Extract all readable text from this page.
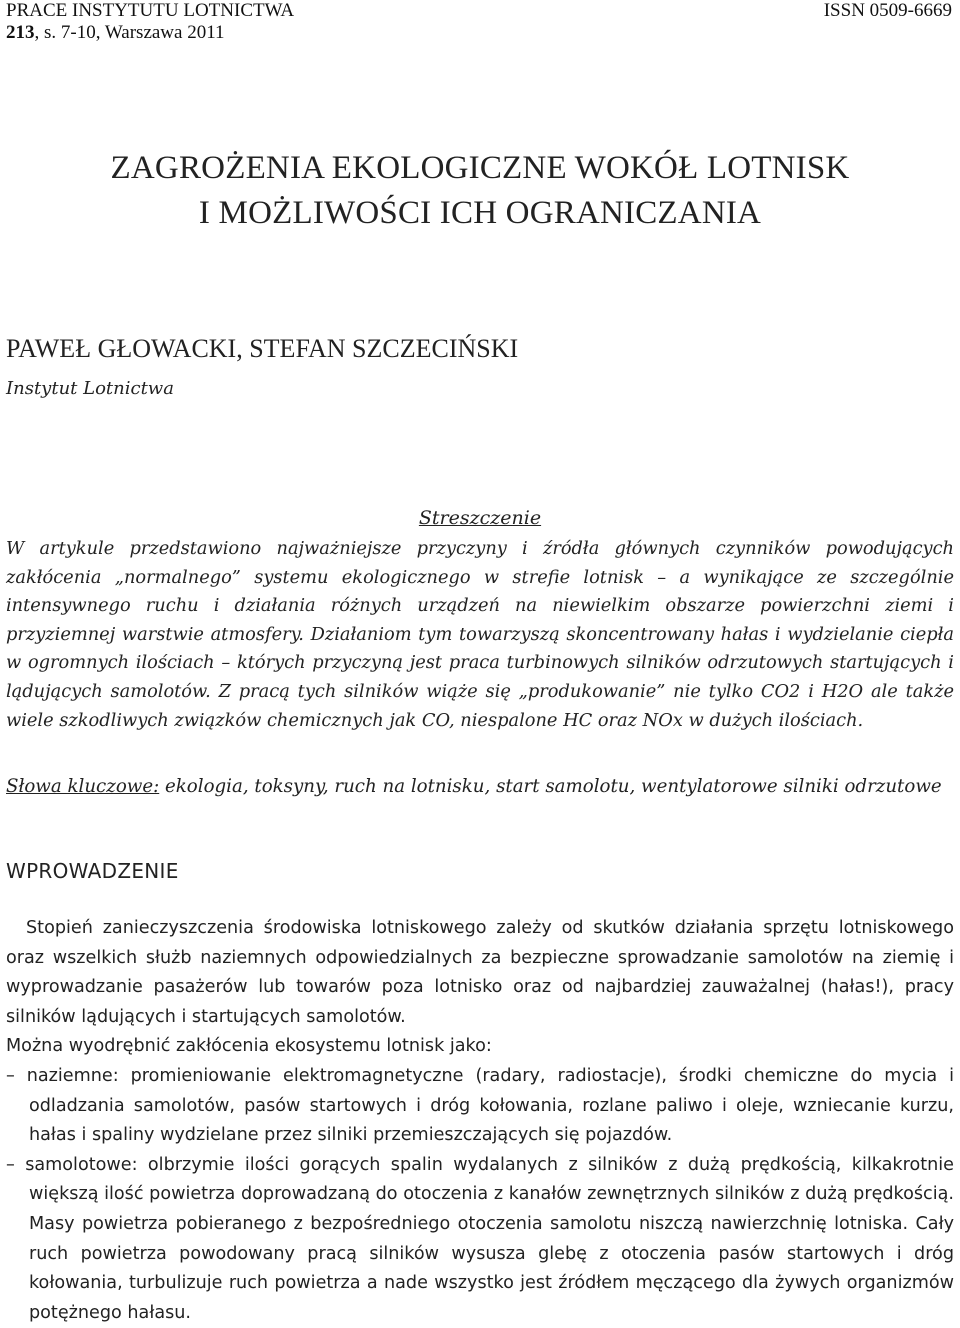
PRACE INSTYTUTU LOTNICTWA
213, s. 7-10, Warszawa 2011
ISSN 0509-6669
ZAGROŻENIA EKOLOGICZNE WOKÓŁ LOTNISK
I MOŻLIWOŚCI ICH OGRANICZANIA
PAWEŁ GŁOWACKI, STEFAN SZCZECIŃSKI
Instytut Lotnictwa
Streszczenie
W artykule przedstawiono najważniejsze przyczyny i źródła głównych czynników powodujących zakłócenia „normalnego” systemu ekologicznego w strefie lotnisk – a wynikające ze szczególnie intensywnego ruchu i działania różnych urządzeń na niewielkim obszarze powierzchni ziemi i przyziemnej warstwie atmosfery. Działaniom tym towarzyszą skoncentrowany hałas i wydzielanie ciepła w ogromnych ilościach – których przyczyną jest praca turbinowych silników odrzutowych startujących i lądujących samolotów. Z pracą tych silników wiąże się „produkowanie” nie tylko CO2 i H2O ale także wiele szkodliwych związków chemicznych jak CO, niespalone HC oraz NOx w dużych ilościach.
Słowa kluczowe: ekologia, toksyny, ruch na lotnisku, start samolotu, wentylatorowe silniki odrzutowe
WPROWADZENIE

Stopień zanieczyszczenia środowiska lotniskowego zależy od skutków działania sprzętu lotniskowego oraz wszelkich służb naziemnych odpowiedzialnych za bezpieczne sprowadzanie samolotów na ziemię i wyprowadzanie pasażerów lub towarów poza lotnisko oraz od najbardziej zauważalnej (hałas!), pracy silników lądujących i startujących samolotów.

Można wyodrębnić zakłócenia ekosystemu lotnisk jako:

– naziemne: promieniowanie elektromagnetyczne (radary, radiostacje), środki chemiczne do mycia i odladzania samolotów, pasów startowych i dróg kołowania, rozlane paliwo i oleje, wzniecanie kurzu, hałas i spaliny wydzielane przez silniki przemieszczających się pojazdów.

– samolotowe: olbrzymie ilości gorących spalin wydalanych z silników z dużą prędkością, kilkakrotnie większą ilość powietrza doprowadzaną do otoczenia z kanałów zewnętrznych silników z dużą prędkością. Masy powietrza pobieranego z bezpośredniego otoczenia samolotu niszczą nawierzchnię lotniska. Cały ruch powietrza powodowany pracą silników wysusza glebę z otoczenia pasów startowych i dróg kołowania, turbulizuje ruch powietrza a nade wszystko jest źródłem męczącego dla żywych organizmów potężnego hałasu.
